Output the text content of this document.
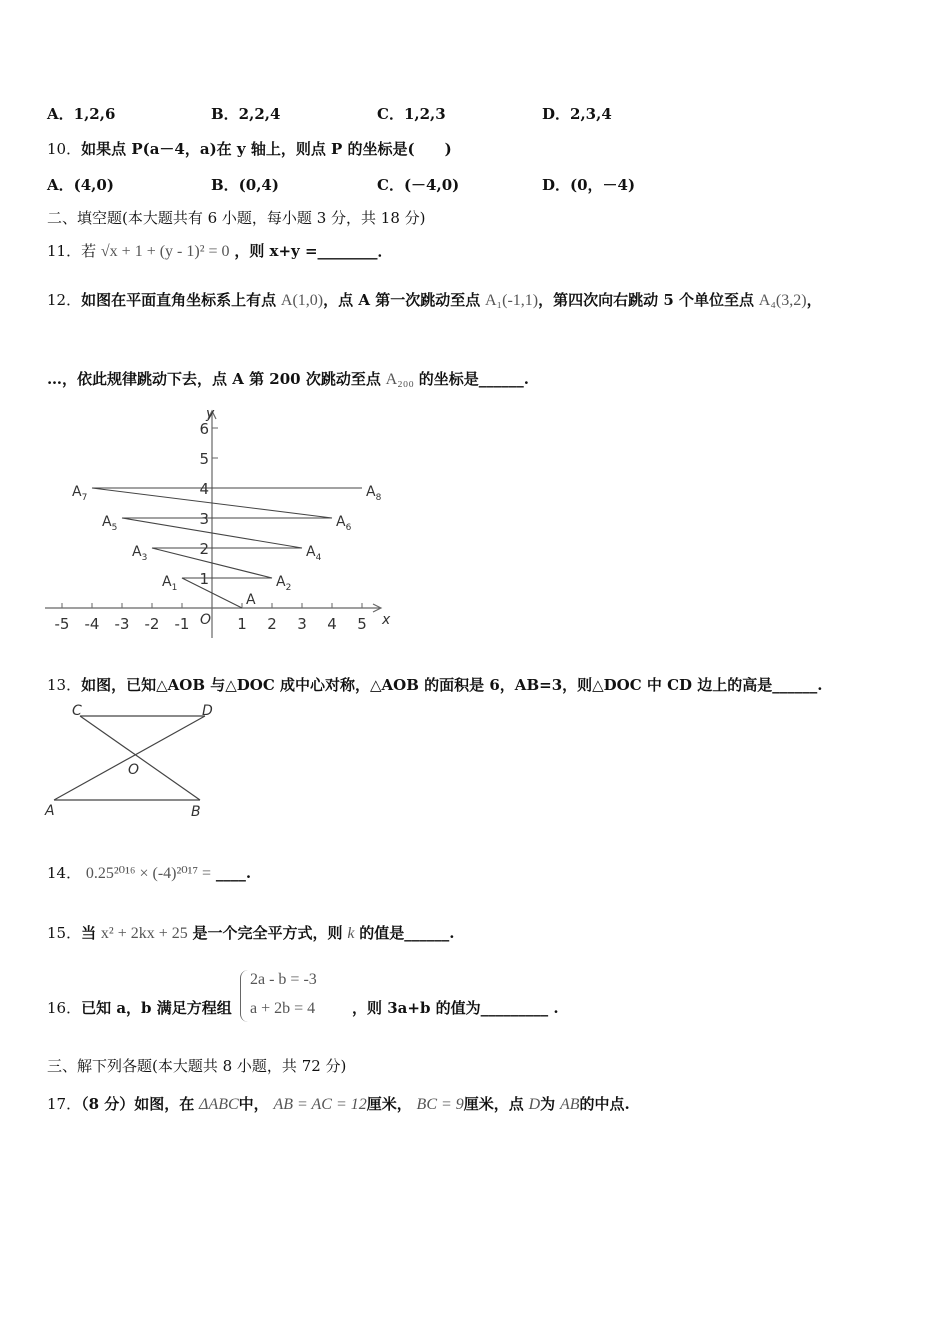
A．1,2,6	B．2,2,4	C．1,2,3	D．2,3,4
10．如果点 P(a－4，a)在 y 轴上，则点 P 的坐标是(　　)
A．(4,0)	B．(0,4)	C．(－4,0)	D．(0，－4)
二、填空题(本大题共有 6 小题，每小题 3 分，共 18 分)
11．若 √x + 1 + (y - 1)² = 0 ，则 x+y =________．
12．如图在平面直角坐标系上有点 A(1,0)，点 A 第一次跳动至点 A₁(-1,1)，第四次向右跳动 5 个单位至点 A₄(3,2)，
…，依此规律跳动下去，点 A 第 200 次跳动至点 A₂₀₀ 的坐标是______.
-5 -4 -3 -2 -1	1 2 3 4 5
1
2
3
4
5
6
A
$A_1$	$A_2$
$A_3$	$A_4$
$A_5$	$A_6$
$A_7$	$A_8$
y
x
O
13．如图，已知△AOB 与△DOC 成中心对称，△AOB 的面积是 6，AB=3，则△DOC 中 CD 边上的高是______.
C	D
O
A	B
14． 0.25²⁰¹⁶ × (-4)²⁰¹⁷ = ____.
15．当 x² + 2kx + 25 是一个完全平方式，则 k 的值是______.
16．已知 a，b 满足方程组
2a - b = -3
a + 2b = 4 ，则 3a+b 的值为_________ .
三、解下列各题(本大题共 8 小题，共 72 分)
17．（8 分）如图，在 ΔABC中， AB = AC = 12厘米， BC = 9厘米，点 D为 AB的中点.
